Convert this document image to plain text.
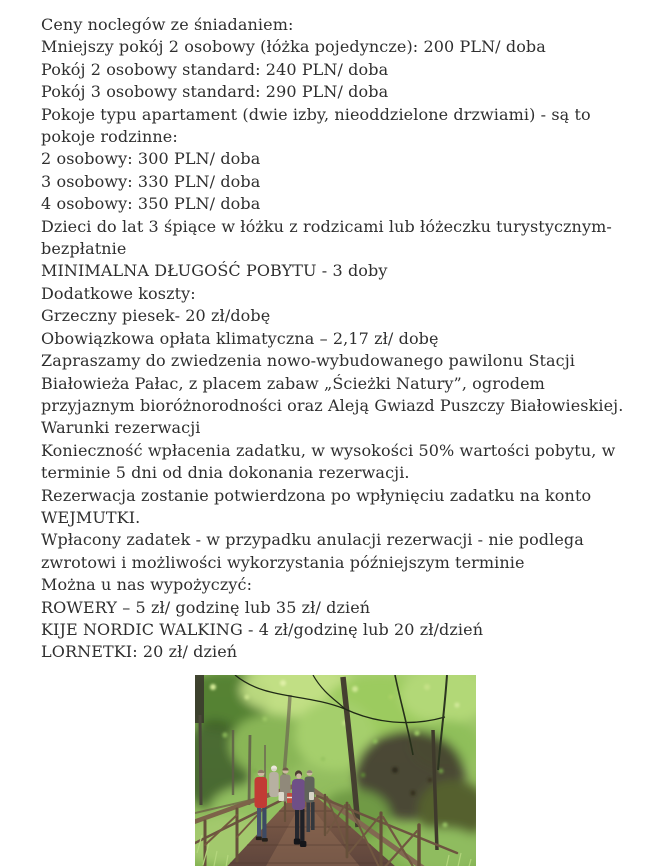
Ceny noclegów ze śniadaniem:
Mniejszy pokój 2 osobowy (łóżka pojedyncze): 200 PLN/ doba
Pokój 2 osobowy standard: 240 PLN/ doba
Pokój 3 osobowy standard: 290 PLN/ doba
Pokoje typu apartament (dwie izby, nieoddzielone drzwiami) - są to
pokoje rodzinne:
2 osobowy: 300 PLN/ doba
3 osobowy: 330 PLN/ doba
4 osobowy: 350 PLN/ doba
Dzieci do lat 3 śpiące w łóżku z rodzicami lub łóżeczku turystycznym-
bezpłatnie
MINIMALNA DŁUGOŚĆ POBYTU - 3 doby
Dodatkowe koszty:
Grzeczny piesek- 20 zł/dobę
Obowiązkowa opłata klimatyczna – 2,17 zł/ dobę
Zapraszamy do zwiedzenia nowo-wybudowanego pawilonu Stacji
Białowieża Pałac, z placem zabaw „Ścieżki Natury”, ogrodem
przyjaznym bioróżnorodności oraz Aleją Gwiazd Puszczy Białowieskiej.
Warunki rezerwacji
Konieczność wpłacenia zadatku, w wysokości 50% wartości pobytu, w
terminie 5 dni od dnia dokonania rezerwacji.
Rezerwacja zostanie potwierdzona po wpłynięciu zadatku na konto
WEJMUTKI.
Wpłacony zadatek - w przypadku anulacji rezerwacji - nie podlega
zwrotowi i możliwości wykorzystania późniejszym terminie
Można u nas wypożyczyć:
ROWERY – 5 zł/ godzinę lub 35 zł/ dzień
KIJE NORDIC WALKING - 4 zł/godzinę lub 20 zł/dzień
LORNETKI: 20 zł/ dzień
